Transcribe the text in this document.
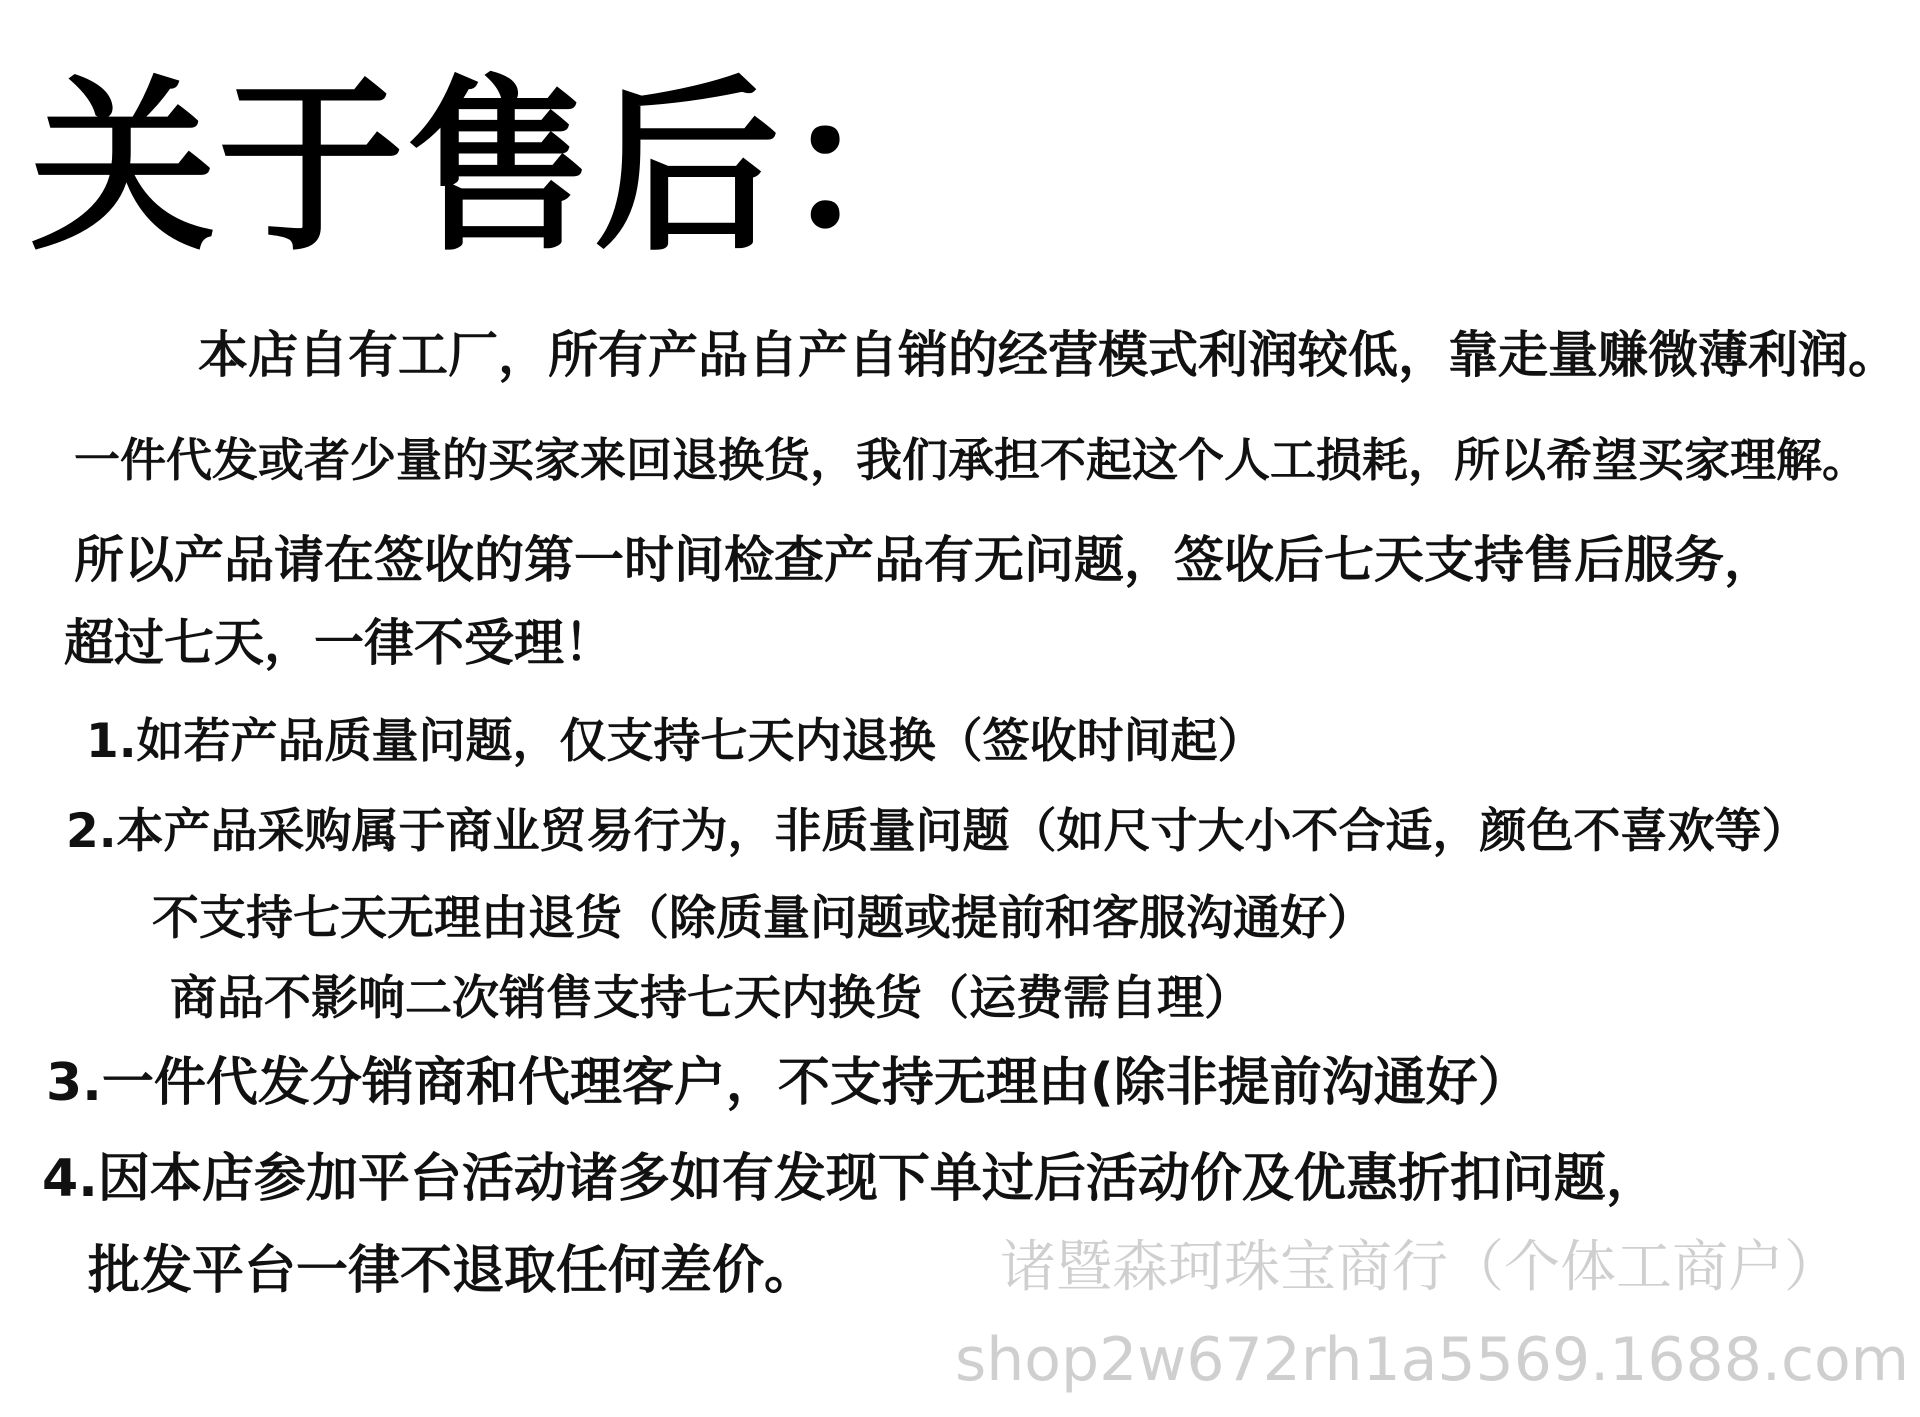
关于售后：
本店自有工厂，所有产品自产自销的经营模式利润较低，靠走量赚微薄利润。
一件代发或者少量的买家来回退换货，我们承担不起这个人工损耗，所以希望买家理解。
所以产品请在签收的第一时间检查产品有无问题，签收后七天支持售后服务，
超过七天，一律不受理！
1.如若产品质量问题，仅支持七天内退换（签收时间起）
2.本产品采购属于商业贸易行为，非质量问题（如尺寸大小不合适，颜色不喜欢等）
不支持七天无理由退货（除质量问题或提前和客服沟通好）
商品不影响二次销售支持七天内换货（运费需自理）
3.一件代发分销商和代理客户，不支持无理由(除非提前沟通好）
4.因本店参加平台活动诸多如有发现下单过后活动价及优惠折扣问题，
批发平台一律不退取任何差价。	诸暨森珂珠宝商行（个体工商户）
shop2w672rh1a5569.1688.com
